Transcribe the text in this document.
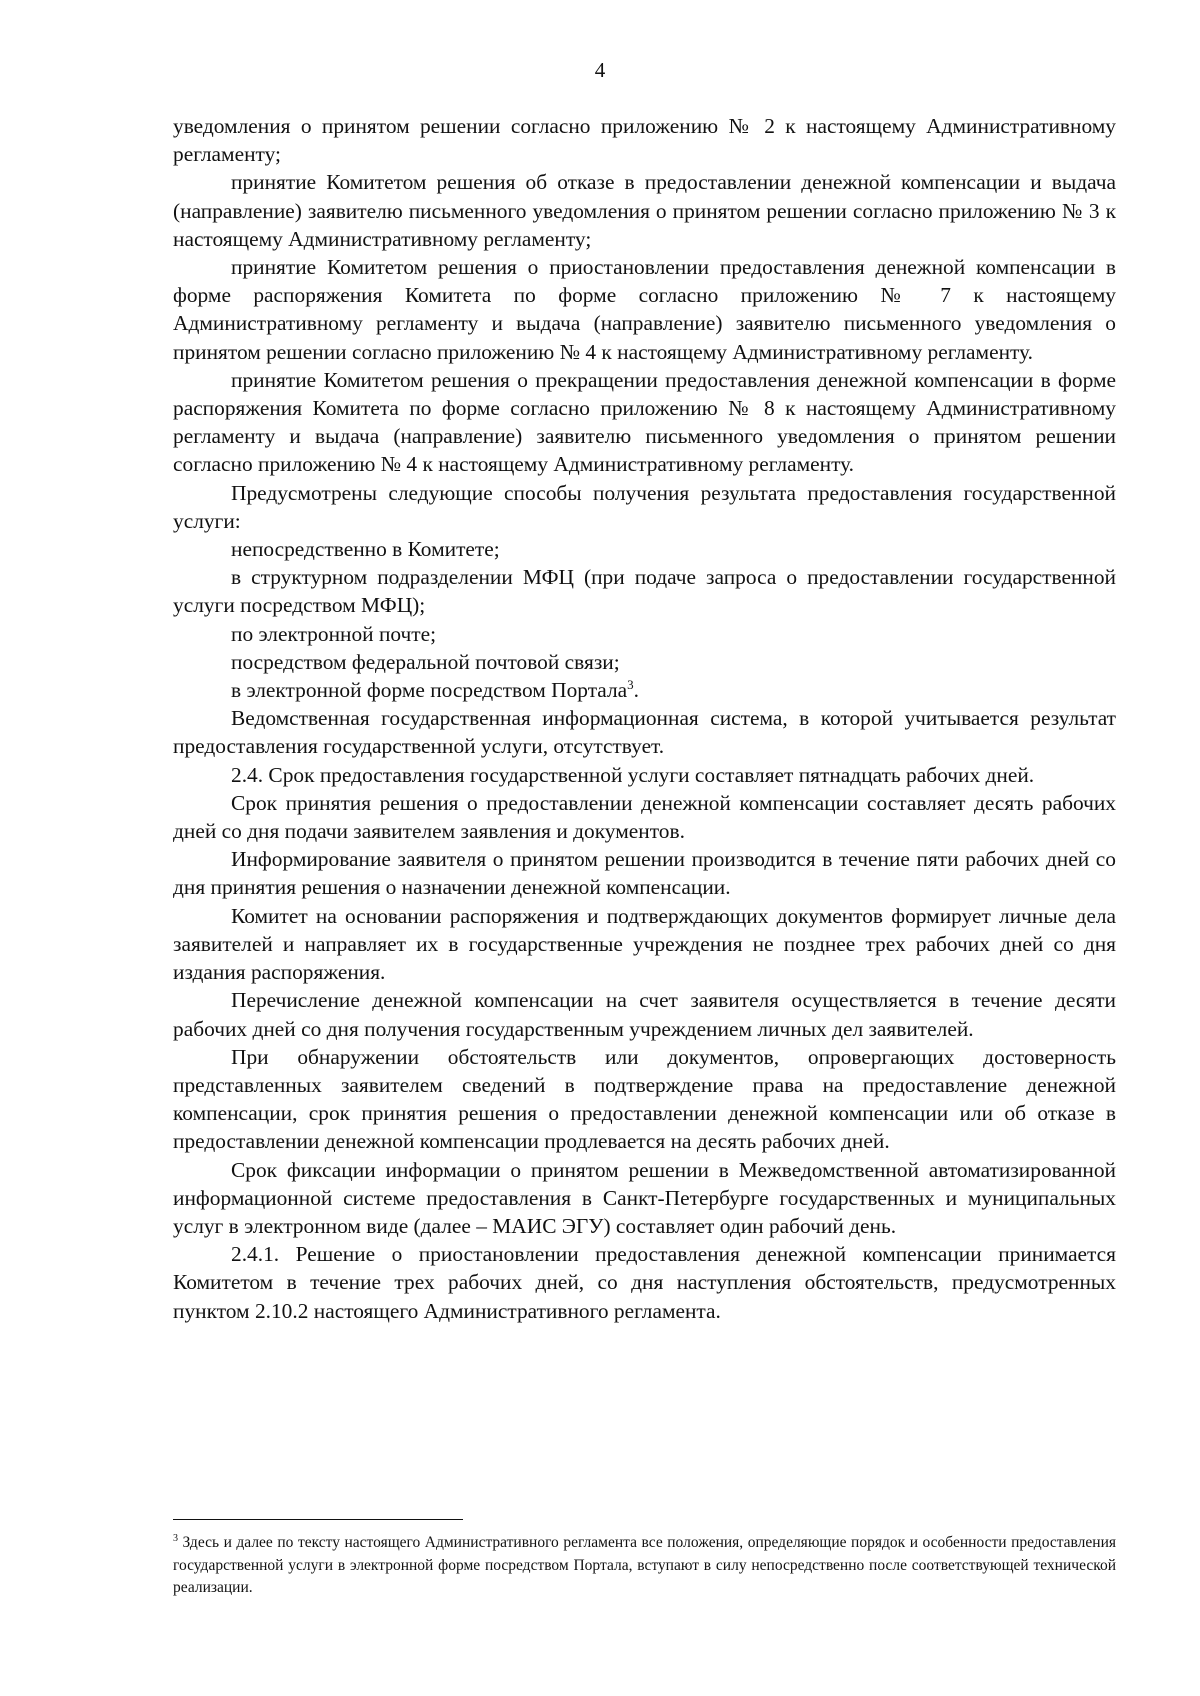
4

уведомления о принятом решении согласно приложению № 2 к настоящему Административному регламенту;

принятие Комитетом решения об отказе в предоставлении денежной компенсации и выдача (направление) заявителю письменного уведомления о принятом решении согласно приложению № 3 к настоящему Административному регламенту;

принятие Комитетом решения о приостановлении предоставления денежной компенсации в форме распоряжения Комитета по форме согласно приложению № 7 к настоящему Административному регламенту и выдача (направление) заявителю письменного уведомления о принятом решении согласно приложению № 4 к настоящему Административному регламенту.

принятие Комитетом решения о прекращении предоставления денежной компенсации в форме распоряжения Комитета по форме согласно приложению № 8 к настоящему Административному регламенту и выдача (направление) заявителю письменного уведомления о принятом решении согласно приложению № 4 к настоящему Административному регламенту.

Предусмотрены следующие способы получения результата предоставления государственной услуги:

непосредственно в Комитете;

в структурном подразделении МФЦ (при подаче запроса о предоставлении государственной услуги посредством МФЦ);

по электронной почте;

посредством федеральной почтовой связи;

в электронной форме посредством Портала$^3$.

Ведомственная государственная информационная система, в которой учитывается результат предоставления государственной услуги, отсутствует.

2.4. Срок предоставления государственной услуги составляет пятнадцать рабочих дней.

Срок принятия решения о предоставлении денежной компенсации составляет десять рабочих дней со дня подачи заявителем заявления и документов.

Информирование заявителя о принятом решении производится в течение пяти рабочих дней со дня принятия решения о назначении денежной компенсации.

Комитет на основании распоряжения и подтверждающих документов формирует личные дела заявителей и направляет их в государственные учреждения не позднее трех рабочих дней со дня издания распоряжения.

Перечисление денежной компенсации на счет заявителя осуществляется в течение десяти рабочих дней со дня получения государственным учреждением личных дел заявителей.

При обнаружении обстоятельств или документов, опровергающих достоверность представленных заявителем сведений в подтверждение права на предоставление денежной компенсации, срок принятия решения о предоставлении денежной компенсации или об отказе в предоставлении денежной компенсации продлевается на десять рабочих дней.

Срок фиксации информации о принятом решении в Межведомственной автоматизированной информационной системе предоставления в Санкт-Петербурге государственных и муниципальных услуг в электронном виде (далее – МАИС ЭГУ) составляет один рабочий день.

2.4.1. Решение о приостановлении предоставления денежной компенсации принимается Комитетом в течение трех рабочих дней, со дня наступления обстоятельств, предусмотренных пунктом 2.10.2 настоящего Административного регламента.

$^3$ Здесь и далее по тексту настоящего Административного регламента все положения, определяющие порядок и особенности предоставления государственной услуги в электронной форме посредством Портала, вступают в силу непосредственно после соответствующей технической реализации.
